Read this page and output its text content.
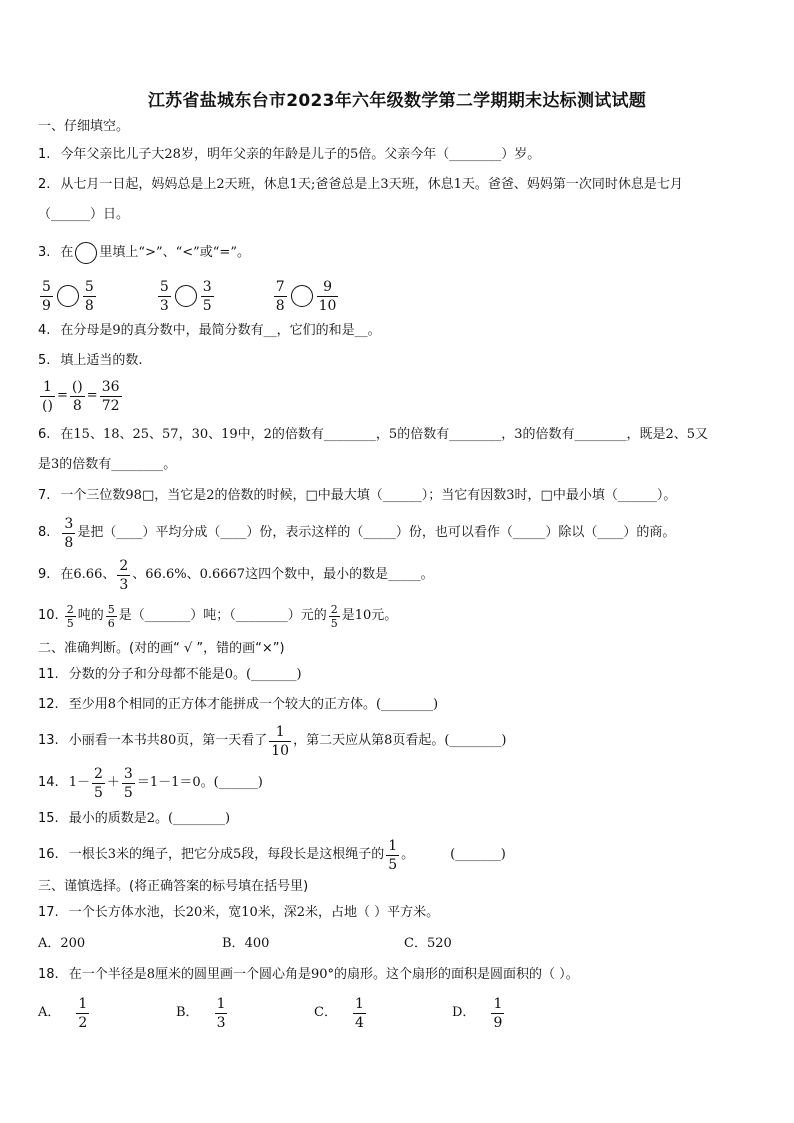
江苏省盐城东台市2023年六年级数学第二学期期末达标测试试题
一、仔细填空。
1. 今年父亲比儿子大28岁，明年父亲的年龄是儿子的5倍。父亲今年（________）岁。
2. 从七月一日起，妈妈总是上2天班，休息1天;爸爸总是上3天班，休息1天。爸爸、妈妈第一次同时休息是七月
（______）日。
3. 在 里填上“>”、“<”或“=”。
$\frac{5}{9} \frac{5}{8}$	$\frac{5}{3} \frac{3}{5}$	$\frac{7}{8} \frac{9}{10}$
4. 在分母是9的真分数中，最简分数有__，它们的和是__。
5. 填上适当的数.
$\frac{1}{()} = \frac{()}{8} = \frac{36}{72}$
6. 在15、18、25、57，30、19中，2的倍数有________，5的倍数有________，3的倍数有________，既是2、5又
是3的倍数有________。
7. 一个三位数98□，当它是2的倍数的时候，□中最大填（______）；当它有因数3时，□中最小填（______）。
8. $\frac{3}{8}$ 是把（____）平均分成（____）份，表示这样的（_____）份，也可以看作（_____）除以（____）的商。
9. 在6.66、 $\frac{2}{3}$ 、66.6%、0.6667这四个数中，最小的数是_____。
10. $\frac{2}{5}$ 吨的 $\frac{5}{6}$ 是（_______）吨；（________）元的 $\frac{2}{5}$ 是10元。
二、准确判断。(对的画“ √ ”，错的画“×”)
11. 分数的分子和分母都不能是0。(_______)
12. 至少用8个相同的正方体才能拼成一个较大的正方体。(________)
13. 小丽看一本书共80页，第一天看了 $\frac{1}{10}$ ，第二天应从第8页看起。(________)
14. $1- \frac{2}{5} + \frac{3}{5} =1-1=0$。(______)
15. 最小的质数是2。(________)
16. 一根长3米的绳子，把它分成5段，每段长是这根绳子的 $\frac{1}{5}$ 。	(_______)
三、谨慎选择。(将正确答案的标号填在括号里)
17. 一个长方体水池，长20米，宽10米，深2米，占地（ ）平方米。
A． 200	B． 400	C． 520
18. 在一个半径是8厘米的圆里画一个圆心角是90°的扇形。这个扇形的面积是圆面积的（ ）。
A． $\frac{1}{2}$	B． $\frac{1}{3}$	C． $\frac{1}{4}$	D． $\frac{1}{9}$
